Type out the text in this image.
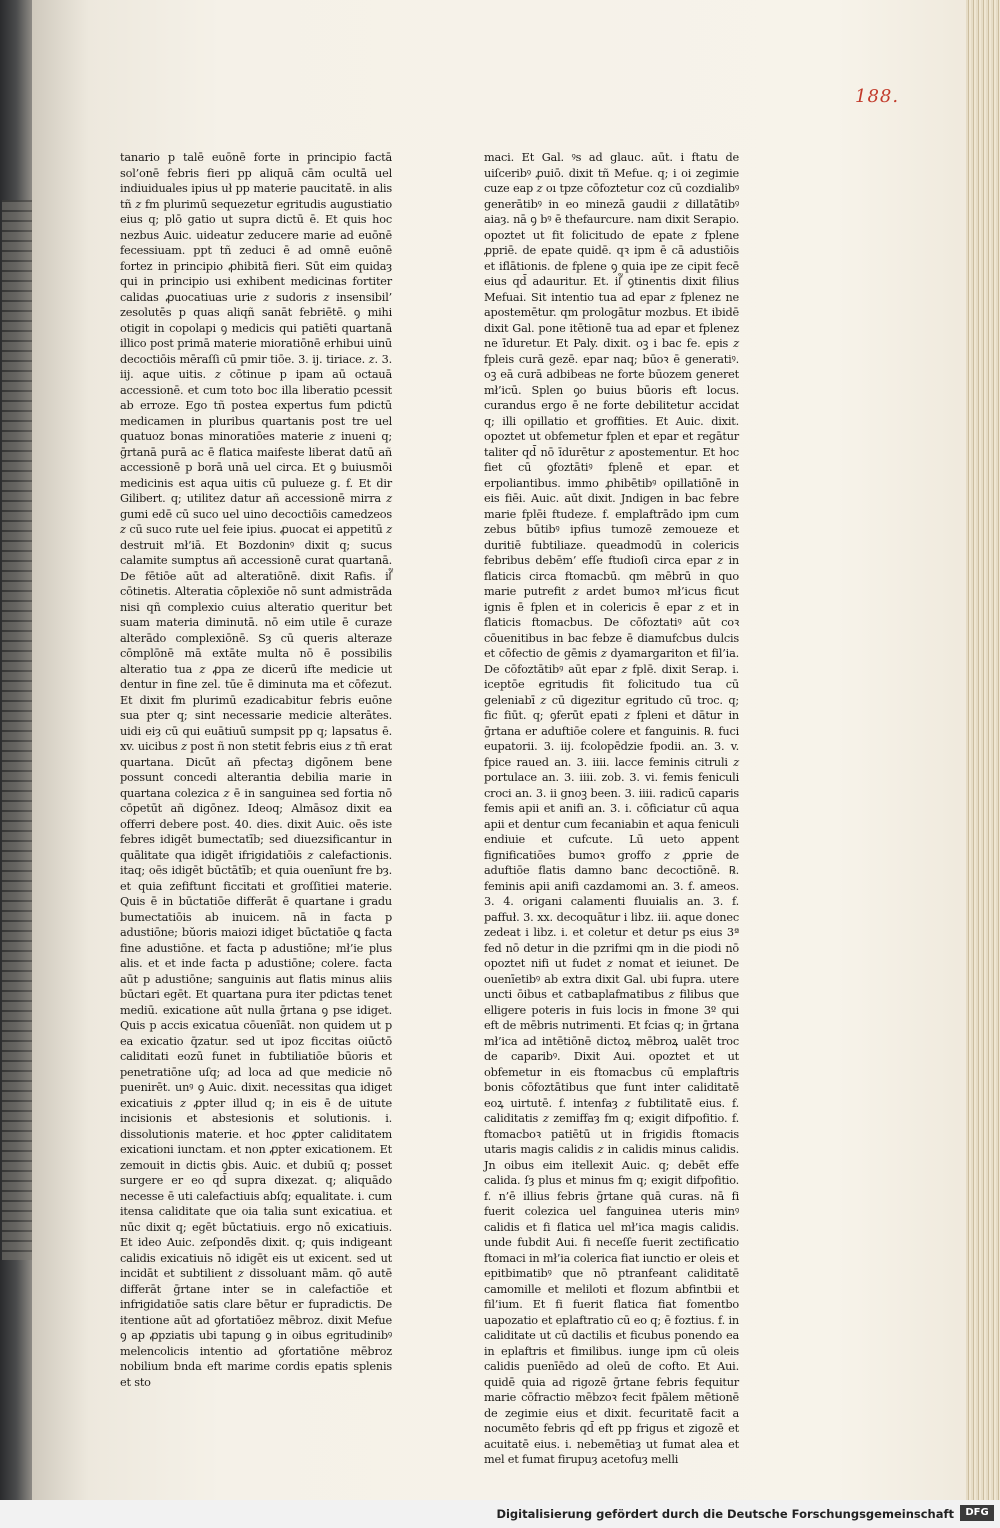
188.

tanario p talē euōnē forte in principio factā sol’onē febris fieri pp aliquā cām ocultā uel indiuiduales ipius uł pp materie paucitatē. in alis tñ 𝑧 fm plurimū sequezetur egritudis augustiatio eius q; plō gatio ut supra dictū ē. Et quis hoc nezbus Auic. uideatur zeducere marie ad euōnē fecessiuam. ppt tñ zeduci ē ad omnē euōnē fortez in principio ꝓhibitā fieri. Sūt eim quidaȝ qui in principio usi exhibent medicinas fortiter calidas ꝓuocatiuas urie 𝑧 sudoris 𝑧 insensibil’ zesolutēs p quas aliqñ sanāt febriētē. ꝯ mihi otigit in copolapi ꝯ medicis qui patiēti quartanā illico post primā materie mioratiōnē erhibui uinū decoctiōis mēraſſi cū pmir tiōe. 3. ij. tiriace. 𝑧. 3. iij. aque uitis. 𝑧 cōtinue p ipam aū octauā accessionē. et cum toto boc illa liberatio pcessit ab erroze. Ego tñ postea expertus fum pdictū medicamen in pluribus quartanis post tre uel quatuoz bonas minoratiōes materie 𝑧 inueni q; ḡrtanā purā ac ē flatica maifeste liberat datū añ accessionē p borā unā uel circa. Et ꝯ buiusmōi medicinis est aqua uitis cū pulueze g. f. Et dir Gilibert. q; utilitez datur añ accessionē mirra 𝑧 gumi edē cū suco uel uino decoctiōis camedzeos 𝑧 cū suco rute uel feie ipius. ꝓuocat ei appetitū 𝑧 destruit mł’iā. Et Bozdoninꝰ dixit q; sucus calamite sumptus añ accessionē curat quartanā. De fētiōe aūt ad alteratiōnē. dixit Rafis. iſ᷑ cōtinetis. Alteratia cōplexiōe nō sunt admistrāda nisi qñ complexio cuius alteratio queritur bet suam materia diminutā. nō eim utile ē curaze alterādo complexiōnē. Sȝ cū queris alteraze cōmplōnē mā extāte multa nō ē possibilis alteratio tua 𝑧 ꝓpa ze dicerū ifte medicie ut dentur in fine zel. tūe ē diminuta ma et cōfezut. Et dixit fm plurimū ezadicabitur febris euōne sua pter q; sint necessarie medicie alterātes. uidi eiȝ cū qui euātiuū sumpsit pp q; lapsatus ē. xv. uicibus 𝑧 post ñ non stetit febris eius 𝑧 tñ erat quartana. Dicūt añ pfectaȝ digōnem bene possunt concedi alterantia debilia marie in quartana colezica 𝑧 ē in sanguinea sed fortia nō cōpetūt añ digōnez. Ideoq; Almāsoz dixit ea offerri debere post. 40. dies. dixit Auic. oēs iste febres idigēt bumectatīb; sed diuezsificantur in quālitate qua idigēt ifrigidatiōis 𝑧 calefactionis. itaq; oēs idigēt būctātīb; et quia ouenīunt fre bȝ. et quia zefiftunt ficcitati et groſſitiei materie. Quis ē in būctatiōe differāt ē quartane i gradu bumectatiōis ab inuicem. nā in facta p adustiōne; bŭoris maiozi idiget būctatiōe ꝗ facta fine adustiōne. et facta p adustiōne; mł’ie plus alis. et et inde facta p adustiōne; colere. facta aūt p adustiōne; sanguinis aut flatis minus aliis būctari egēt. Et quartana pura iter pdictas tenet mediū. exicatione aūt nulla ḡrtana ꝯ pse idiget. Quis p accis exicatua cōuenīāt. non quidem ut p ea exicatio q̄zatur. sed ut ipoz ficcitas oiūctō caliditati eozū funet in fubtiliatiōe būoris et penetratiōne uſq; ad loca ad que medicie nō puenirēt. unꝰ ꝯ Auic. dixit. necessitas qua idiget exicatiuis 𝑧 ꝓpter illud q; in eis ē de uitute incisionis et abstesionis et solutionis. i. dissolutionis materie. et hoc ꝓpter caliditatem exicationi iunctam. et non ꝓpter exicationem. Et zemouit in dictis ꝯbis. Auic. et dubiū q; posset surgere er eo qd̄ supra dixezat. q; aliquādo necesse ē uti calefactiuis abſq; equalitate. i. cum itensa caliditate que oia talia sunt exicatiua. et nūc dixit q; egēt būctatiuis. ergo nō exicatiuis. Et ideo Auic. zeſpondēs dixit. q; quis indigeant calidis exicatiuis nō idigēt eis ut exicent. sed ut incidāt et subtilient 𝑧 dissoluant mām. qō autē differāt ḡrtane inter se in calefactiōe et infrigidatiōe satis clare bētur er fupradictis. De itentione aūt ad ꝯfortatiōez mēbroz. dixit Mefue ꝯ ap ꝓpziatis ubi tapung ꝯ in oibus egritudinibꝰ melencolicis intentio ad ꝯfortatiōne mēbroz nobilium bnda eft marime cordis epatis splenis et sto

maci. Et Gal. ꝰs ad glauc. aūt. i ftatu de uiſceribꝰ ꝓuiō. dixit tñ Mefue. q; i oi zegimie cuze eap 𝑧 oı tpze cōfoztetur coz cū cozdialibꝰ generātibꝰ in eo minezā gaudii 𝑧 dillatātibꝰ aiaȝ. nā ꝯ bꝰ ē thefaurcure. nam dixit Serapio. opoztet ut fit folicitudo de epate 𝑧 fplene ꝓpriē. de epate quidē. qꝛ ipm ē cā adustiōis et iflātionis. de fplene ꝯ quia ipe ze cipit fecē eius qd̄ adauritur. Et. iſ᷑ ꝯtinentis dixit filius Mefuai. Sit intentio tua ad epar 𝑧 fplenez ne apostemētur. qm prologātur mozbus. Et ibidē dixit Gal. pone itētionē tua ad epar et fplenez ne īduretur. Et Paly. dixit. oꝫ i bac fe. epis 𝑧 fpleis curā gezē. epar naq; būoꝛ ē generatiꝰ. oꝫ eā curā adbibeas ne forte būozem generet mł’icū. Splen ꝯo buius būoris eft locus. curandus ergo ē ne forte debilitetur accidat q; illi opillatio et groffities. Et Auic. dixit. opoztet ut obfemetur fplen et epar et regātur taliter qd̄ nō īdurētur 𝑧 apostementur. Et hoc fiet cū ꝯfoztātiꝰ fplenē et epar. et erpoliantibus. immo ꝓhibētibꝰ opillatiōnē in eis fiēi. Auic. aūt dixit. Jndigen in bac febre marie fplēi ftudeze. f. emplaftrādo ipm cum zebus būtibꝰ ipfius tumozē zemoueze et duritiē fubtiliaze. queadmodū in colericis febribus debēm’ efſe ftudioſi circa epar 𝑧 in flaticis circa ftomacbū. qm mēbrū in quo marie putrefit 𝑧 ardet bumoꝛ mł’icus ficut ignis ē fplen et in colericis ē epar 𝑧 et in flaticis ftomacbus. De cōfoztatiꝰ aūt coꝛ cōuenitibus in bac febze ē diamufcbus dulcis et cōfectio de gēmis 𝑧 dyamargariton et fil’ia. De cōfoztātibꝰ aūt epar 𝑧 fplē. dixit Serap. i. iceptōe egritudis fit folicitudo tua cū geleniabī 𝑧 cū digezitur egritudo cū troc. q; fic fiūt. q; ꝯferūt epati 𝑧 fpleni et dātur in ḡrtana er aduftiōe colere et fanguinis. ℞. fuci eupatorii. 3. iij. fcolopēdzie fpodii. an. 3. v. fpice raued an. 3. iiii. lacce feminis citruli 𝑧 portulace an. 3. iiii. zob. 3. vi. femis feniculi croci an. 3. ii gnoꝫ been. 3. iiii. radicū caparis femis apii et anifi an. 3. i. cōficiatur cū aqua apii et dentur cum fecaniabin et aqua feniculi endiuie et cufcute. Lū ueto appent fignificatiōes bumoꝛ groffo 𝑧 ꝓprie de aduftiōe flatis damno banc decoctiōnē. ℞. feminis apii anifi cazdamomi an. 3. f. ameos. 3. 4. origani calamenti fluuialis an. 3. f. paffuł. 3. xx. decoquātur i libz. iii. aque donec zedeat i libz. i. et coletur et detur ps eius 3ª fed nō detur in die pzrifmi qm in die piodi nō opoztet nifi ut fudet 𝑧 nomat et ieiunet. De ouenīetibꝰ ab extra dixit Gal. ubi fupra. utere uncti ōibus et catbaplafmatibus 𝑧 filibus que elligere poteris in fuis locis in fmone 3º qui eft de mēbris nutrimenti. Et fcias q; in ḡrtana mł’ica ad intētiōnē dictoꝝ mēbroꝝ ualēt troc de caparibꝰ. Dixit Aui. opoztet et ut obfemetur in eis ftomacbus cū emplaftris bonis cōfoztātibus que funt inter caliditatē eoꝝ uirtutē. f. intenfaȝ 𝑧 fubtilitatē eius. f. caliditatis 𝑧 zemiffaȝ fm q; exigit difpofitio. f. ftomacboꝛ patiētū ut in frigidis ftomacis utaris magis calidis 𝑧 in calidis minus calidis. Jn oibus eim itellexit Auic. q; debēt effe calida. ſȝ plus et minus fm q; exigit difpofitio. f. n’ē illius febris ḡrtane quā curas. nā fi fuerit colezica uel fanguinea uteris minꝰ calidis et fi flatica uel mł’ica magis calidis. unde fubdit Aui. fi neceſſe fuerit zectificatio ftomaci in mł’ia colerica fiat iunctio er oleis et epitbimatibꝰ que nō ptranfeant caliditatē camomille et meliloti et flozum abfintbii et fil’ium. Et fi fuerit flatica fiat fomentbo uapozatio et eplaftratio cū eo q; ē foztius. f. in caliditate ut cū dactilis et ficubus ponendo ea in eplaftris et fimilibus. iunge ipm cū oleis calidis puenīēdo ad oleū de cofto. Et Aui. quidē quia ad rigozē ḡrtane febris fequitur marie cōfractio mēbzoꝛ fecit fpālem mētionē de zegimie eius et dixit. fecuritatē facit a nocumēto febris qd̄ eft pp frigus et zigozē et acuitatē eius. i. nebemētiaȝ ut fumat alea et mel et fumat firupuȝ acetofuȝ melli

Digitalisierung gefördert durch die Deutsche Forschungsgemeinschaft	DFG
